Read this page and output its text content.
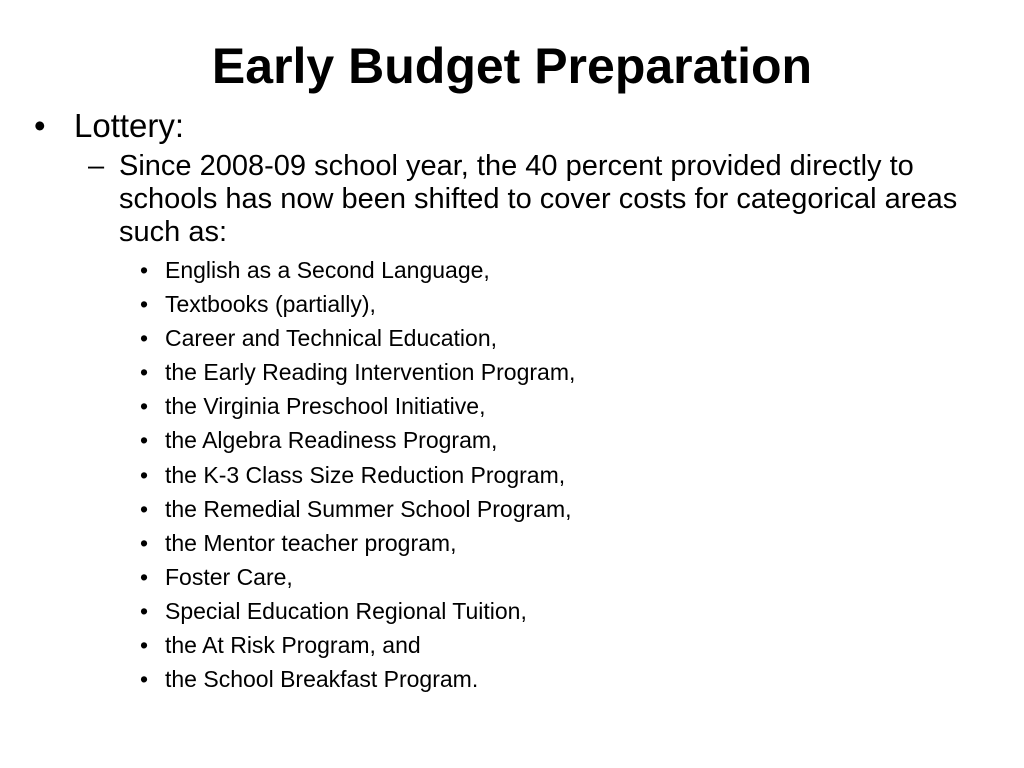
Early Budget Preparation
• Lottery:
– Since 2008-09 school year, the 40 percent provided directly to schools has now been shifted to cover costs for categorical areas such as:
• English as a Second Language,
• Textbooks (partially),
• Career and Technical Education,
• the Early Reading Intervention Program,
• the Virginia Preschool Initiative,
• the Algebra Readiness Program,
• the K-3 Class Size Reduction Program,
• the Remedial Summer School Program,
• the Mentor teacher program,
• Foster Care,
• Special Education Regional Tuition,
• the At Risk Program, and
• the School Breakfast Program.
